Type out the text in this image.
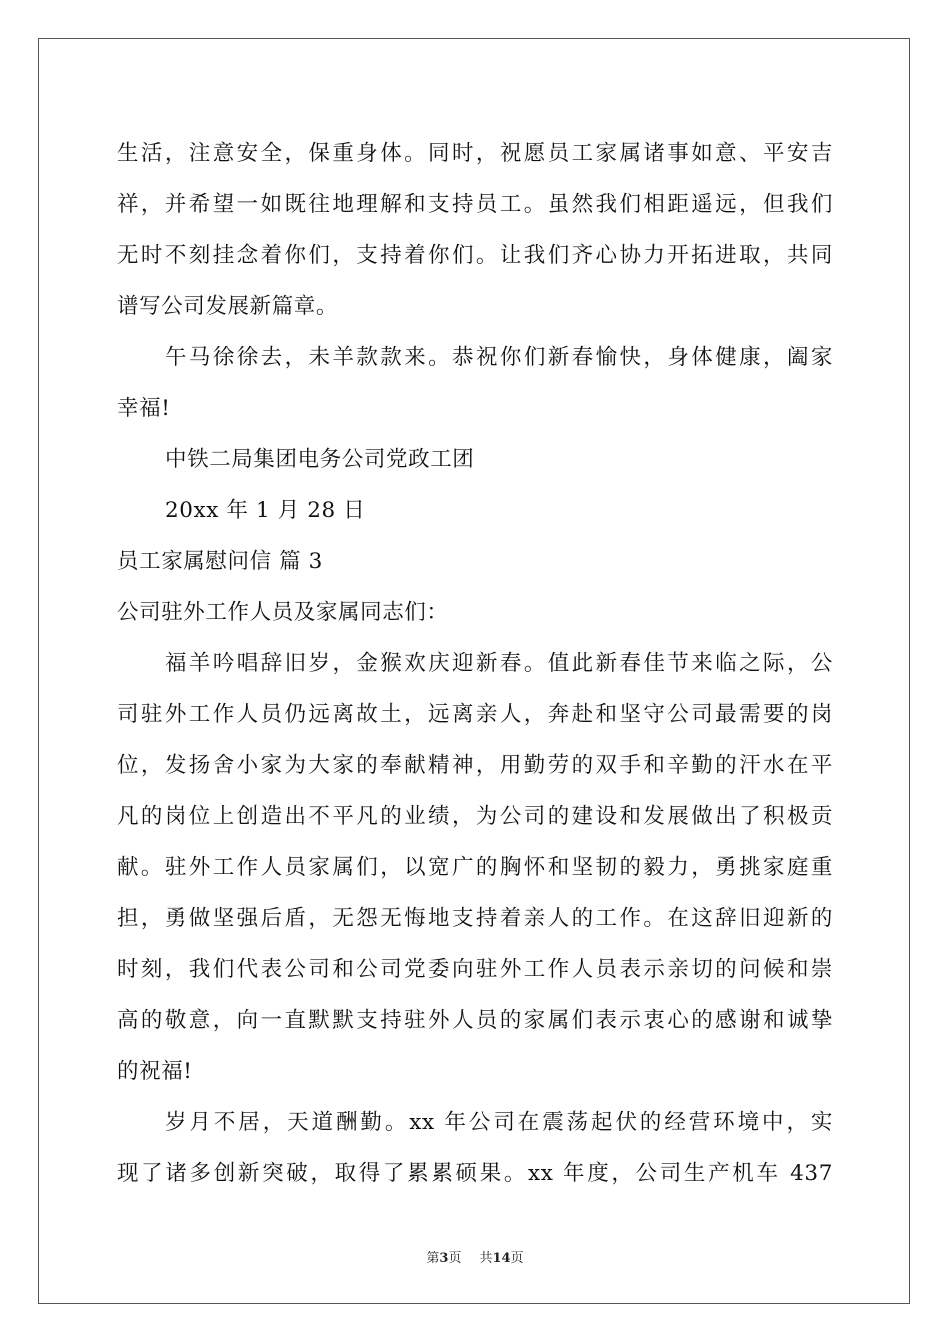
生活，注意安全，保重身体。同时，祝愿员工家属诸事如意、平安吉
祥，并希望一如既往地理解和支持员工。虽然我们相距遥远，但我们
无时不刻挂念着你们，支持着你们。让我们齐心协力开拓进取，共同
谱写公司发展新篇章。
午马徐徐去，未羊款款来。恭祝你们新春愉快，身体健康，阖家
幸福!
中铁二局集团电务公司党政工团
20xx 年 1 月 28 日
员工家属慰问信 篇 3
公司驻外工作人员及家属同志们：
福羊吟唱辞旧岁，金猴欢庆迎新春。值此新春佳节来临之际，公
司驻外工作人员仍远离故土，远离亲人，奔赴和坚守公司最需要的岗
位，发扬舍小家为大家的奉献精神，用勤劳的双手和辛勤的汗水在平
凡的岗位上创造出不平凡的业绩，为公司的建设和发展做出了积极贡
献。驻外工作人员家属们，以宽广的胸怀和坚韧的毅力，勇挑家庭重
担，勇做坚强后盾，无怨无悔地支持着亲人的工作。在这辞旧迎新的
时刻，我们代表公司和公司党委向驻外工作人员表示亲切的问候和崇
高的敬意，向一直默默支持驻外人员的家属们表示衷心的感谢和诚挚
的祝福!
岁月不居，天道酬勤。xx 年公司在震荡起伏的经营环境中，实
现了诸多创新突破，取得了累累硕果。xx 年度，公司生产机车 437
第3页 共14页
